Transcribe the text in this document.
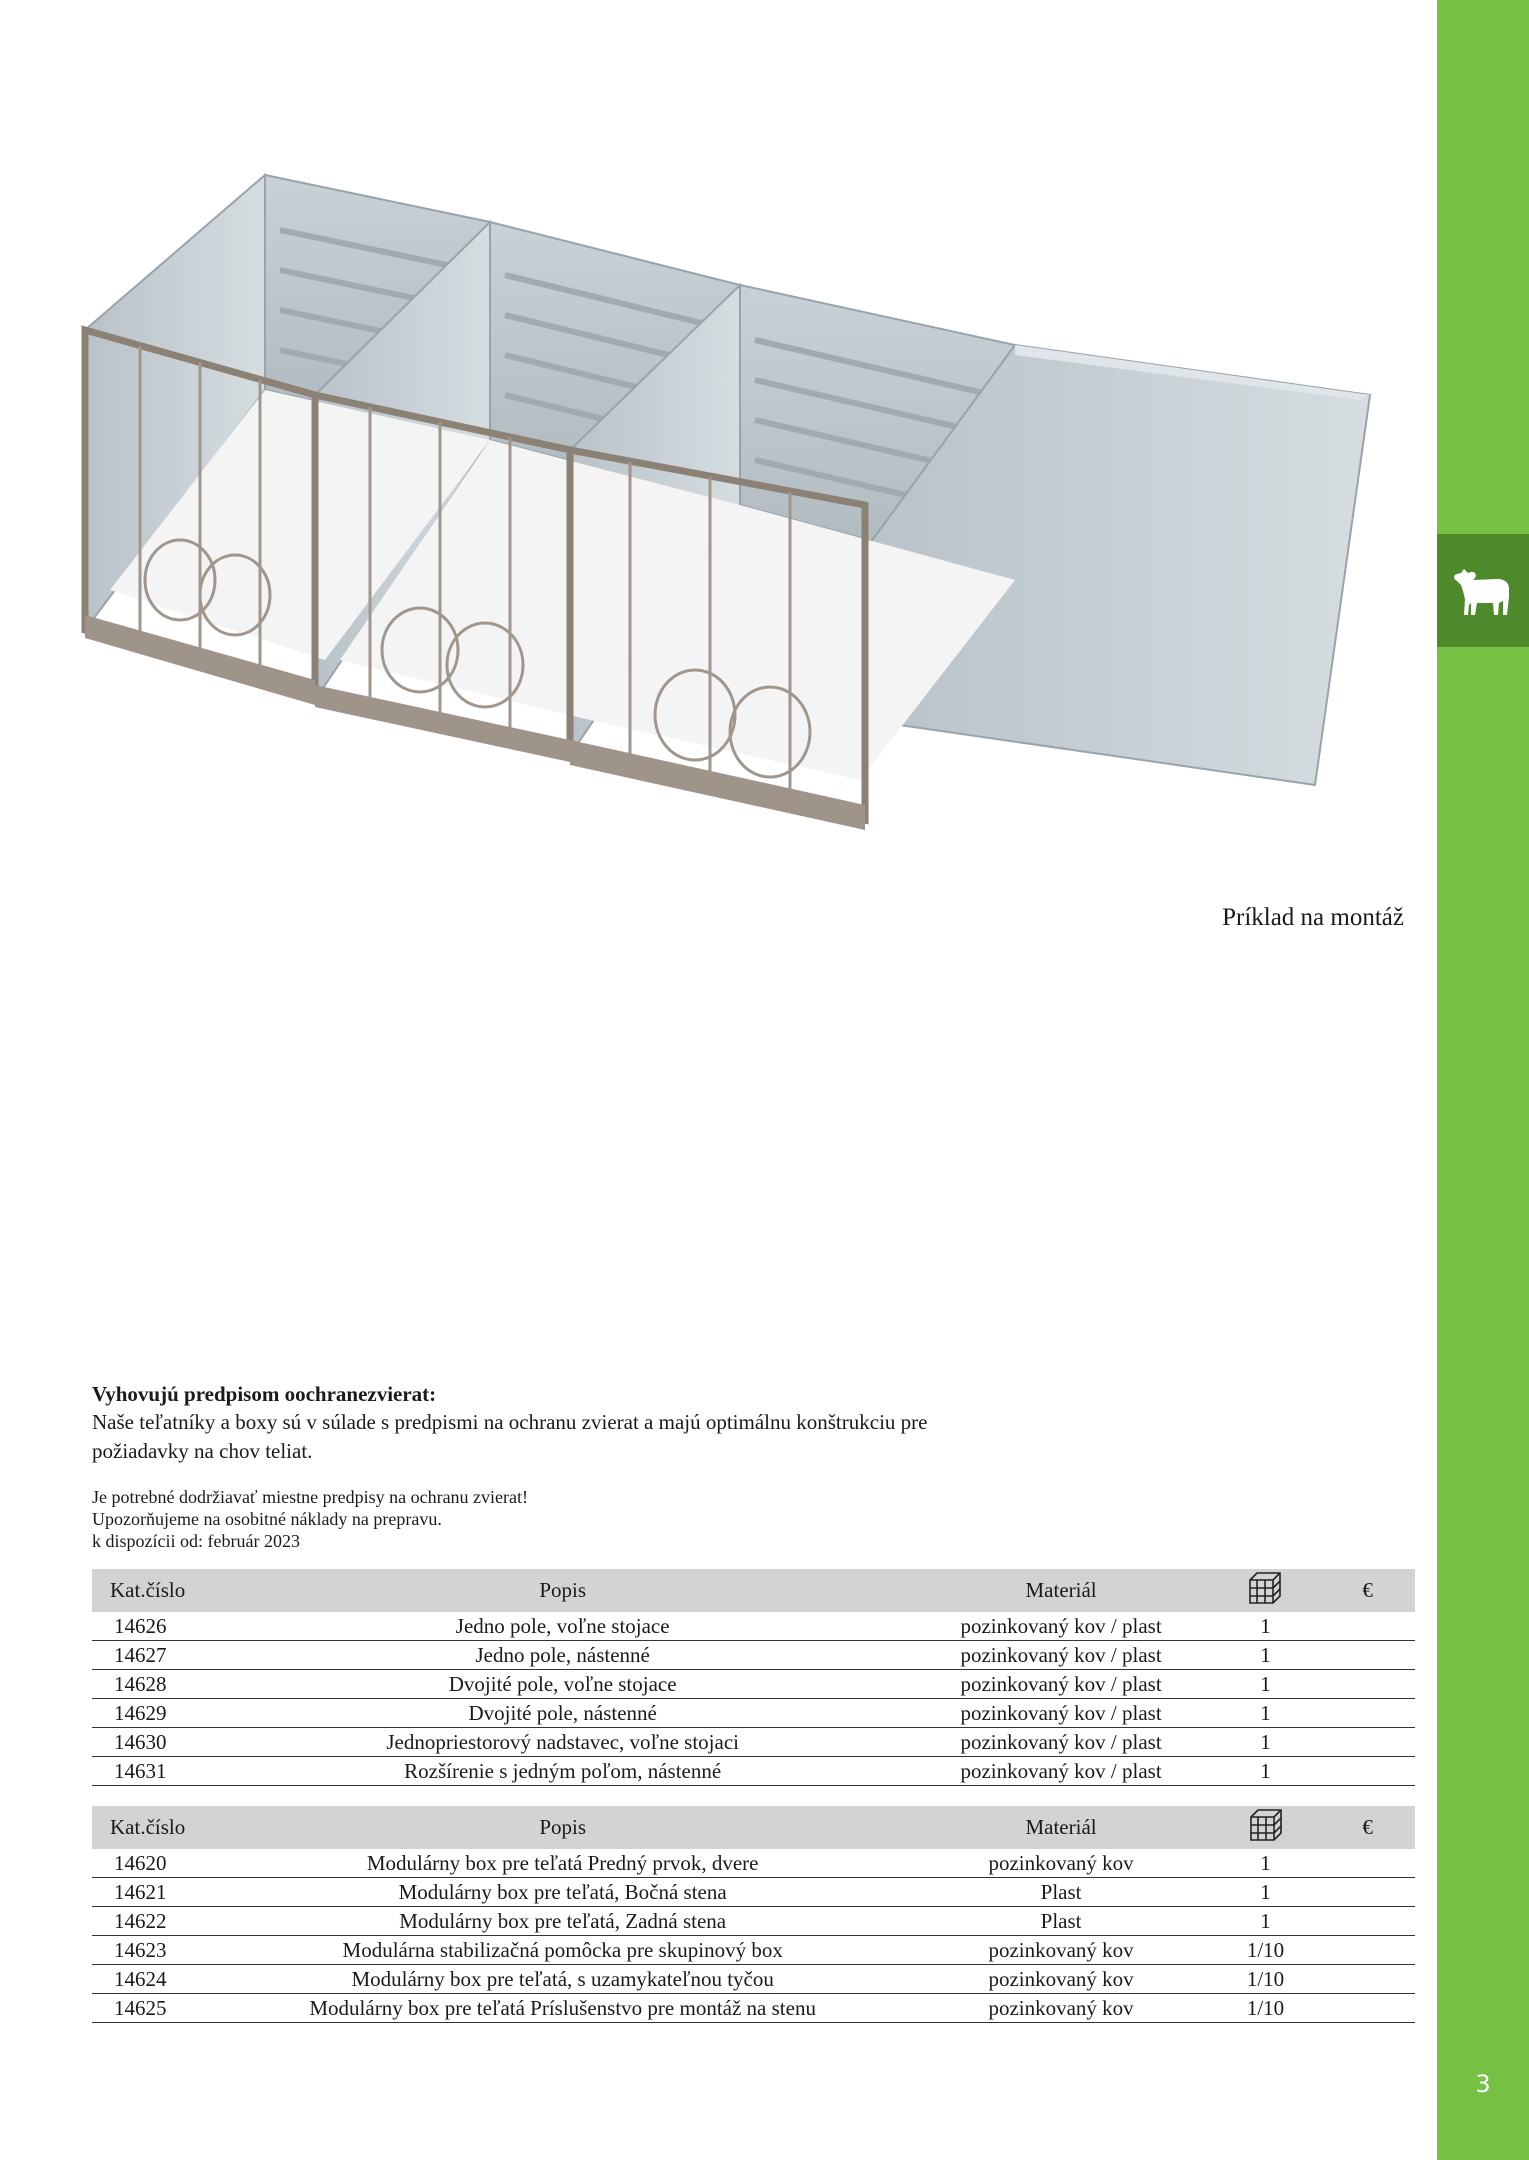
3
Príklad na montáž
Vyhovujú predpisom oochranezvierat:
Naše teľatníky a boxy sú v súlade s predpismi na ochranu zvierat a majú optimálnu konštrukciu pre
požiadavky na chov teliat.
Je potrebné dodržiavať miestne predpisy na ochranu zvierat!
Upozorňujeme na osobitné náklady na prepravu.
k dispozícii od: február 2023
Kat.číslo	Popis	Materiál		€
14626	Jedno pole, voľne stojace	pozinkovaný kov / plast	1	
14627	Jedno pole, nástenné	pozinkovaný kov / plast	1	
14628	Dvojité pole, voľne stojace	pozinkovaný kov / plast	1	
14629	Dvojité pole, nástenné	pozinkovaný kov / plast	1	
14630	Jednopriestorový nadstavec, voľne stojaci	pozinkovaný kov / plast	1	
14631	Rozšírenie s jedným poľom, nástenné	pozinkovaný kov / plast	1	
Kat.číslo	Popis	Materiál		€
14620	Modulárny box pre teľatá Predný prvok, dvere	pozinkovaný kov	1	
14621	Modulárny box pre teľatá, Bočná stena	Plast	1	
14622	Modulárny box pre teľatá, Zadná stena	Plast	1	
14623	Modulárna stabilizačná pomôcka pre skupinový box	pozinkovaný kov	1/10	
14624	Modulárny box pre teľatá, s uzamykateľnou tyčou	pozinkovaný kov	1/10	
14625	Modulárny box pre teľatá Príslušenstvo pre montáž na stenu	pozinkovaný kov	1/10	
